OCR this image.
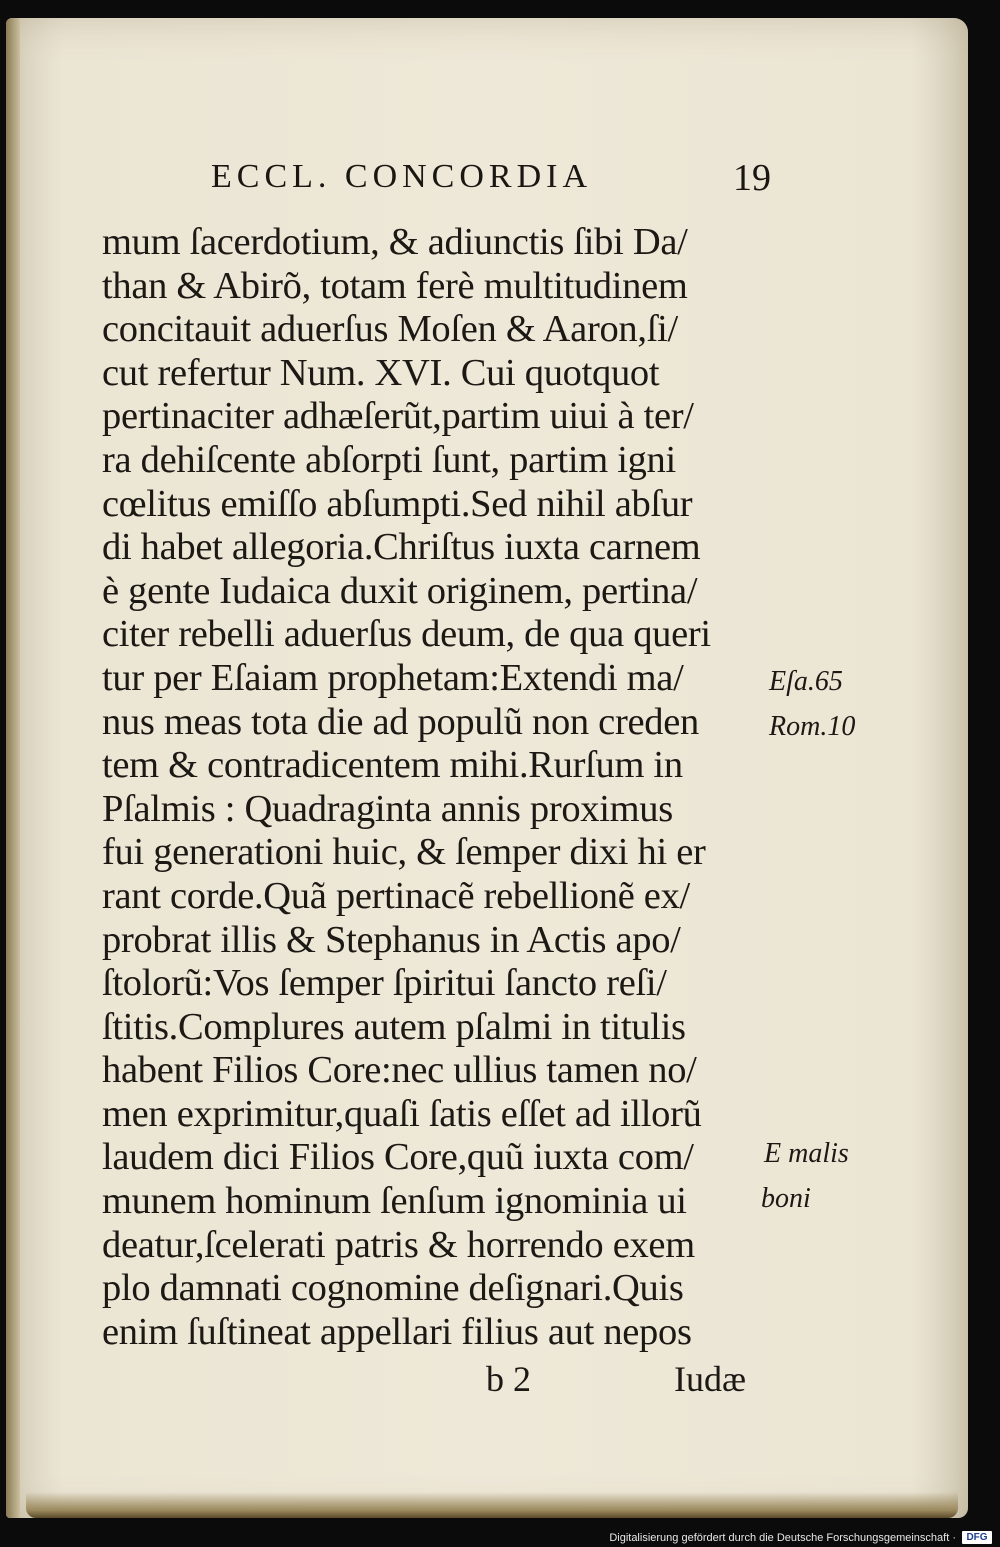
ECCL. CONCORDIA	19
mum ſacerdotium, & adiunctis ſibi Da/
than & Abirõ, totam ferè multitudinem
concitauit aduerſus Moſen & Aaron,ſi/
cut refertur Num. XVI. Cui quotquot
pertinaciter adhæſerũt,partim uiui à ter/
ra dehiſcente abſorpti ſunt, partim igni
cœlitus emiſſo abſumpti.Sed nihil abſur
di habet allegoria.Chriſtus iuxta carnem
è gente Iudaica duxit originem, pertina/
citer rebelli aduerſus deum, de qua queri
tur per Eſaiam prophetam:Extendi ma/
nus meas tota die ad populũ non creden
tem & contradicentem mihi.Rurſum in
Pſalmis : Quadraginta annis proximus
fui generationi huic, & ſemper dixi hi er
rant corde.Quã pertinacẽ rebellionẽ ex/
probrat illis & Stephanus in Actis apo/
ſtolorũ:Vos ſemper ſpiritui ſancto reſi/
ſtitis.Complures autem pſalmi in titulis
habent Filios Core:nec ullius tamen no/
men exprimitur,quaſi ſatis eſſet ad illorũ
laudem dici Filios Core,quũ iuxta com/
munem hominum ſenſum ignominia ui
deatur,ſcelerati patris & horrendo exem
plo damnati cognomine deſignari.Quis
enim ſuſtineat appellari filius aut nepos
Eſa.65
Rom.10
E malis
boni
b 2	Iudæ
Digitalisierung gefördert durch die Deutsche Forschungsgemeinschaft ·	DFG
